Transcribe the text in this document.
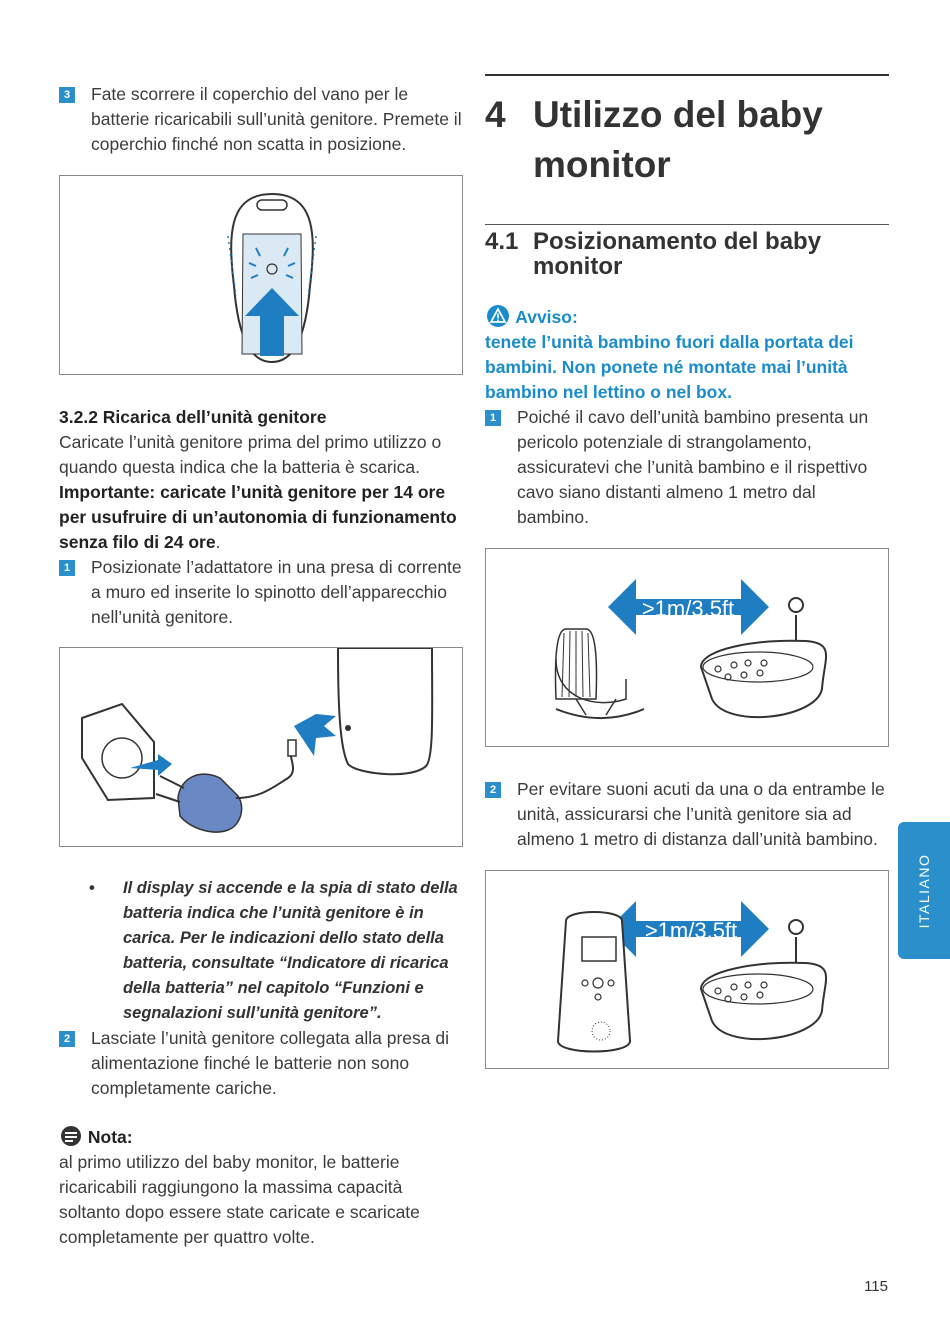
3 Fate scorrere il coperchio del vano per le batterie ricaricabili sull’unità genitore. Premete il coperchio finché non scatta in posizione.
3.2.2 Ricarica dell’unità genitore
Caricate l’unità genitore prima del primo utilizzo o quando questa indica che la batteria è scarica.
Importante: caricate l’unità genitore per 14 ore per usufruire di un’autonomia di funzionamento senza filo di 24 ore.
1 Posizionate l’adattatore in una presa di corrente a muro ed inserite lo spinotto dell’apparecchio nell’unità genitore.
• Il display si accende e la spia di stato della batteria indica che l’unità genitore è in carica. Per le indicazioni dello stato della batteria, consultate “Indicatore di ricarica della batteria” nel capitolo “Funzioni e segnalazioni sull’unità genitore”.
2 Lasciate l’unità genitore collegata alla presa di alimentazione finché le batterie non sono completamente cariche.
Nota:
al primo utilizzo del baby monitor, le batterie ricaricabili raggiungono la massima capacità soltanto dopo essere state caricate e scaricate completamente per quattro volte.
4 Utilizzo del baby monitor
4.1 Posizionamento del baby monitor
Avviso:
tenete l’unità bambino fuori dalla portata dei bambini. Non ponete né montate mai l’unità bambino nel lettino o nel box.
1 Poiché il cavo dell’unità bambino presenta un pericolo potenziale di strangolamento, assicuratevi che l’unità bambino e il rispettivo cavo siano distanti almeno 1 metro dal bambino.
>1m/3.5ft
2 Per evitare suoni acuti da una o da entrambe le unità, assicurarsi che l’unità genitore sia ad almeno 1 metro di distanza dall’unità bambino.
>1m/3.5ft
ITALIANO
115
